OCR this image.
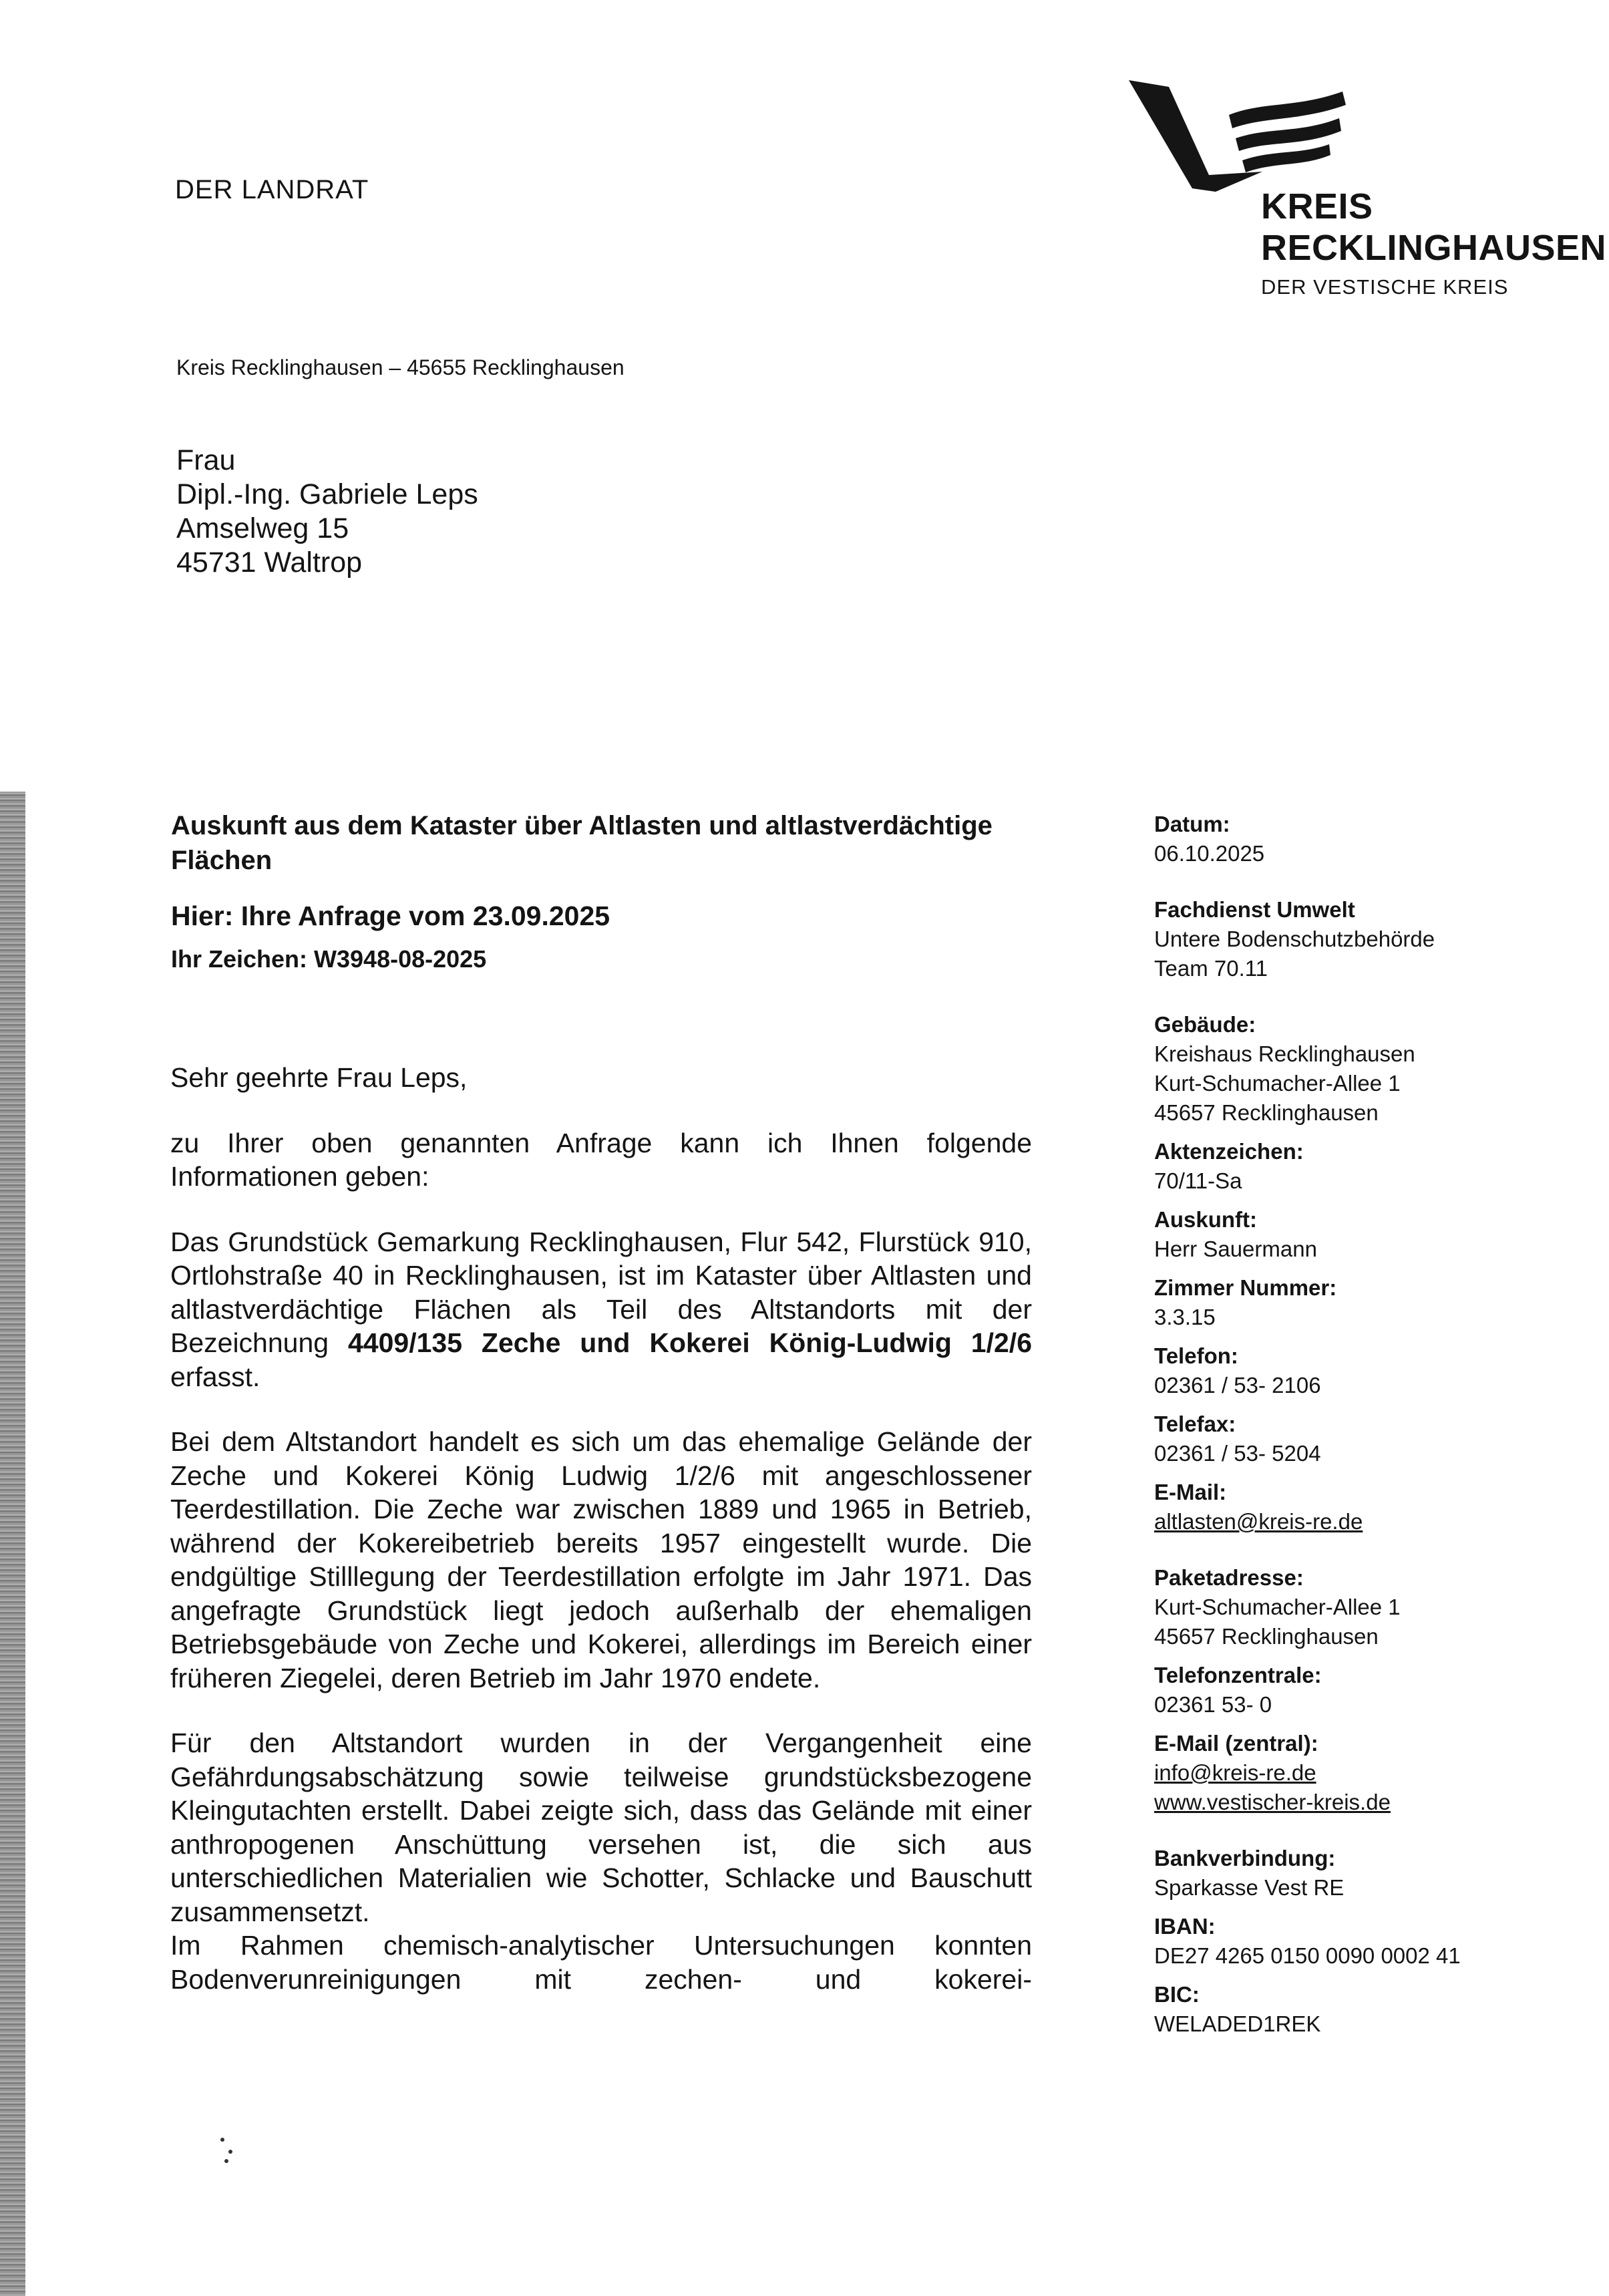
DER LANDRAT	KREIS
RECKLINGHAUSEN
DER VESTISCHE KREIS
Kreis Recklinghausen – 45655 Recklinghausen
Frau
Dipl.-Ing. Gabriele Leps
Amselweg 15
45731 Waltrop
Auskunft aus dem Kataster über Altlasten und altlastverdächtige Flächen
Hier: Ihre Anfrage vom 23.09.2025
Ihr Zeichen: W3948-08-2025

Sehr geehrte Frau Leps,

zu Ihrer oben genannten Anfrage kann ich Ihnen folgende Informationen geben:

Das Grundstück Gemarkung Recklinghausen, Flur 542, Flurstück 910, Ortlohstraße 40 in Recklinghausen, ist im Kataster über Altlasten und altlastverdächtige Flächen als Teil des Altstandorts mit der Bezeichnung 4409/135 Zeche und Kokerei König-Ludwig 1/2/6 erfasst.

Bei dem Altstandort handelt es sich um das ehemalige Gelände der Zeche und Kokerei König Ludwig 1/2/6 mit angeschlossener Teerdestillation. Die Zeche war zwischen 1889 und 1965 in Betrieb, während der Kokereibetrieb bereits 1957 eingestellt wurde. Die endgültige Stilllegung der Teerdestillation erfolgte im Jahr 1971. Das angefragte Grundstück liegt jedoch außerhalb der ehemaligen Betriebsgebäude von Zeche und Kokerei, allerdings im Bereich einer früheren Ziegelei, deren Betrieb im Jahr 1970 endete.

Für den Altstandort wurden in der Vergangenheit eine Gefährdungsabschätzung sowie teilweise grundstücksbezogene Kleingutachten erstellt. Dabei zeigte sich, dass das Gelände mit einer anthropogenen Anschüttung versehen ist, die sich aus unterschiedlichen Materialien wie Schotter, Schlacke und Bauschutt zusammensetzt.

Im Rahmen chemisch-analytischer Untersuchungen konnten Bodenverunreinigungen mit zechen- und kokerei-

Datum:
06.10.2025
Fachdienst Umwelt
Untere Bodenschutzbehörde
Team 70.11
Gebäude:
Kreishaus Recklinghausen
Kurt-Schumacher-Allee 1
45657 Recklinghausen
Aktenzeichen:
70/11-Sa
Auskunft:
Herr Sauermann
Zimmer Nummer:
3.3.15
Telefon:
02361 / 53- 2106
Telefax:
02361 / 53- 5204
E-Mail:
altlasten@kreis-re.de
Paketadresse:
Kurt-Schumacher-Allee 1
45657 Recklinghausen
Telefonzentrale:
02361 53- 0
E-Mail (zentral):
info@kreis-re.de
www.vestischer-kreis.de
Bankverbindung:
Sparkasse Vest RE
IBAN:
DE27 4265 0150 0090 0002 41
BIC:
WELADED1REK
